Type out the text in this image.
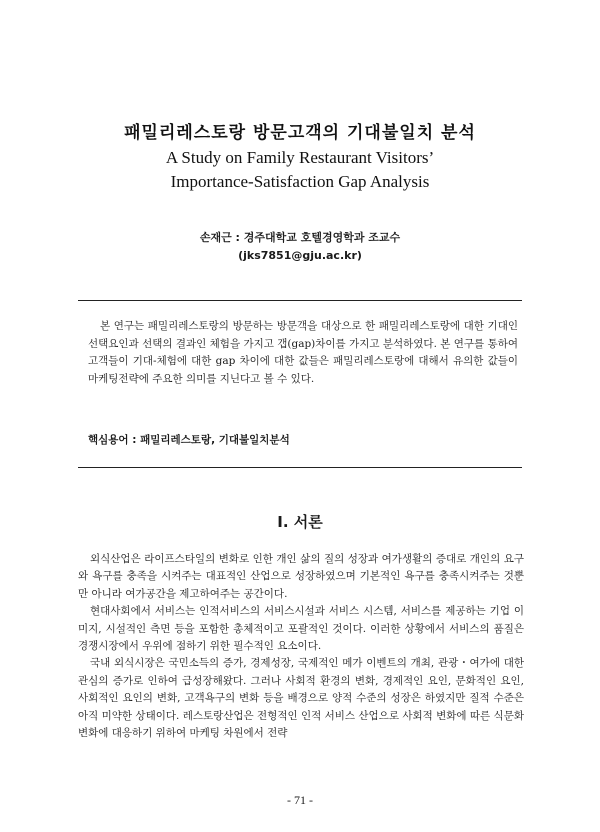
패밀리레스토랑 방문고객의 기대불일치 분석
A Study on Family Restaurant Visitors’
Importance-Satisfaction Gap Analysis
손재근 : 경주대학교 호텔경영학과 조교수
(jks7851@gju.ac.kr)

본 연구는 패밀리레스토랑의 방문하는 방문객을 대상으로 한 패밀리레스토랑에 대한 기대인 선택요인과 선택의 결과인 체험을 가지고 갭(gap)차이를 가지고 분석하였다. 본 연구를 통하여 고객들이 기대-체험에 대한 gap 차이에 대한 값들은 패밀리레스토랑에 대해서 유의한 값들이 마케팅전략에 주요한 의미를 지닌다고 볼 수 있다.

핵심용어 : 패밀리레스토랑, 기대불일치분석
Ⅰ. 서론

외식산업은 라이프스타일의 변화로 인한 개인 삶의 질의 성장과 여가생활의 증대로 개인의 요구와 욕구를 충족을 시켜주는 대표적인 산업으로 성장하였으며 기본적인 욕구를 충족시켜주는 것뿐만 아니라 여가공간을 제고하여주는 공간이다.

현대사회에서 서비스는 인적서비스의 서비스시설과 서비스 시스템, 서비스를 제공하는 기업 이미지, 시설적인 측면 등을 포함한 총체적이고 포괄적인 것이다. 이러한 상황에서 서비스의 품질은 경쟁시장에서 우위에 점하기 위한 필수적인 요소이다.

국내 외식시장은 국민소득의 증가, 경제성장, 국제적인 메가 이벤트의 개최, 관광・여가에 대한 관심의 증가로 인하여 급성장해왔다. 그러나 사회적 환경의 변화, 경제적인 요인, 문화적인 요인, 사회적인 요인의 변화, 고객욕구의 변화 등을 배경으로 양적 수준의 성장은 하였지만 질적 수준은 아직 미약한 상태이다. 레스토랑산업은 전형적인 인적 서비스 산업으로 사회적 변화에 따른 식문화 변화에 대응하기 위하여 마케팅 차원에서 전략

- 71 -
